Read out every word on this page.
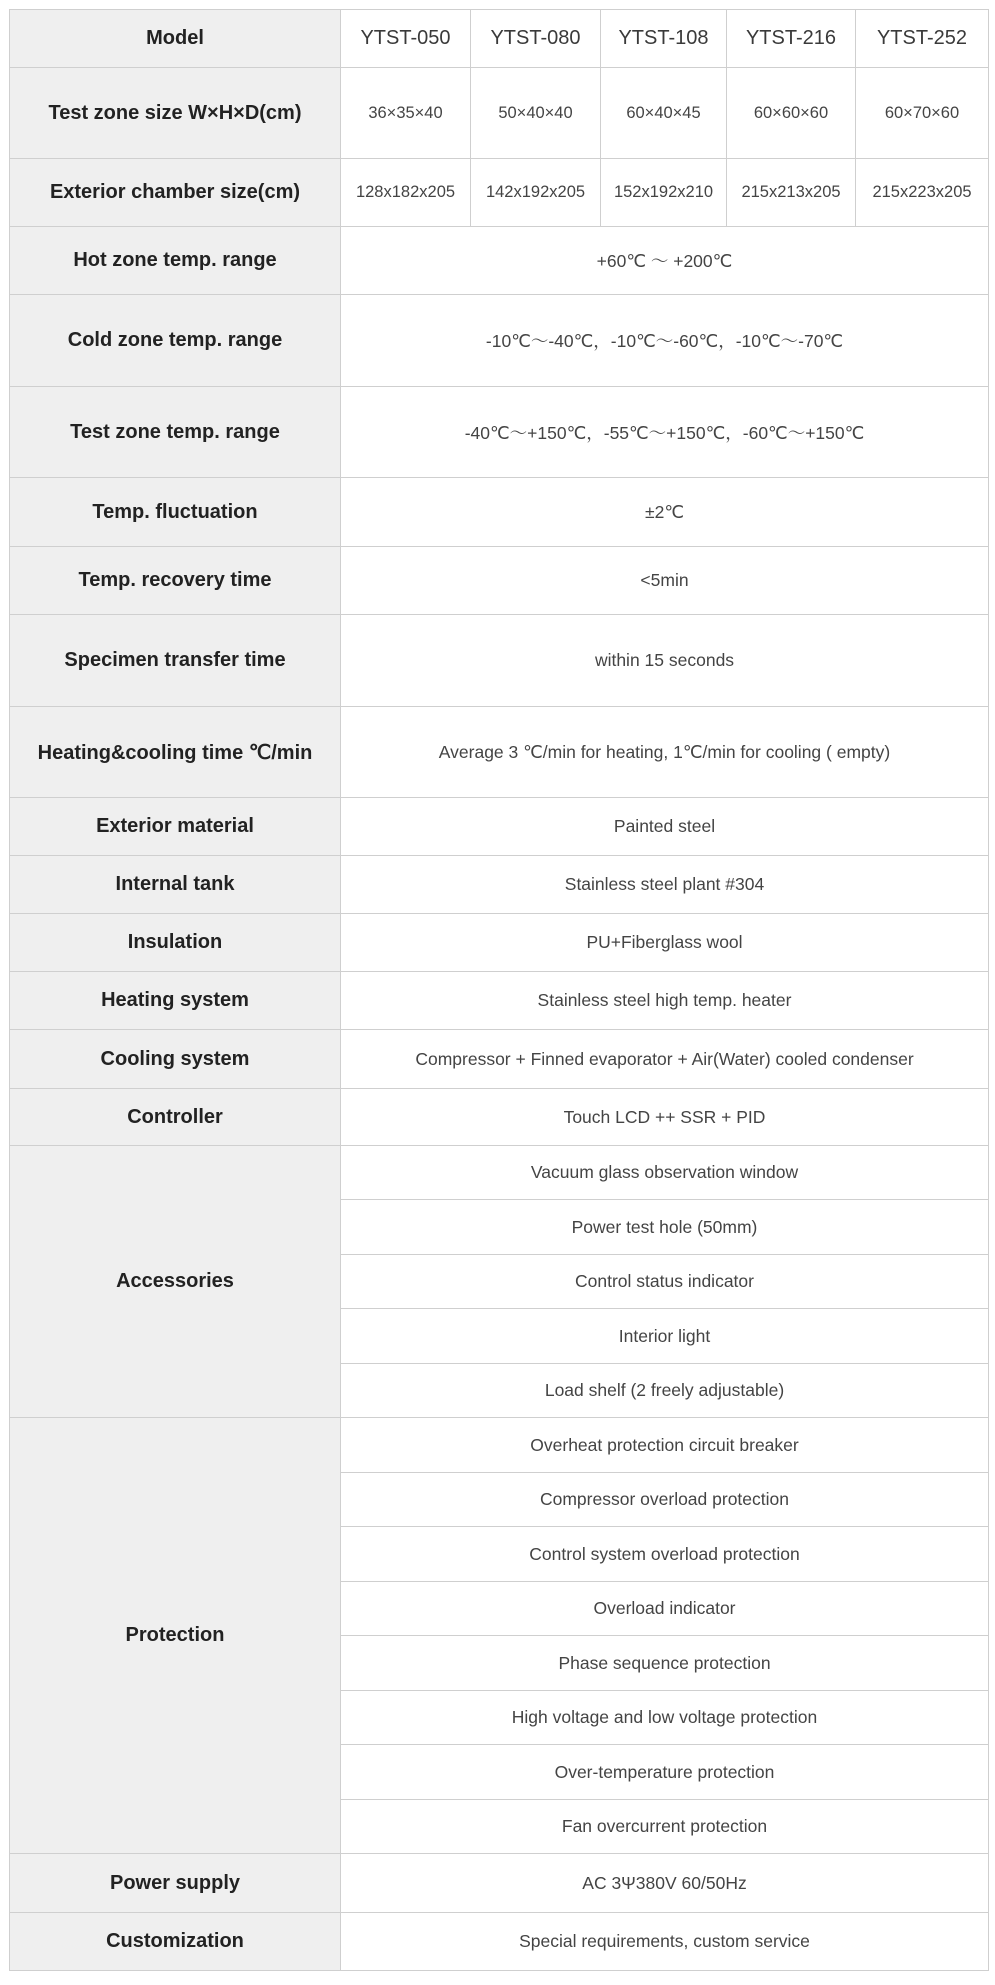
Model	YTST-050	YTST-080	YTST-108	YTST-216	YTST-252
Test zone size W×H×D(cm)	36×35×40	50×40×40	60×40×45	60×60×60	60×70×60
Exterior chamber size(cm)	128x182x205	142x192x205	152x192x210	215x213x205	215x223x205
Hot zone temp. range	+60℃ ～ +200℃				
Cold zone temp. range	-10℃～-40℃，-10℃～-60℃，-10℃～-70℃				
Test zone temp. range	-40℃～+150℃，-55℃～+150℃，-60℃～+150℃				
Temp. fluctuation	±2℃				
Temp. recovery time	<5min				
Specimen transfer time	within 15 seconds				
Heating&cooling time ℃/min	Average 3 ℃/min for heating, 1℃/min for cooling ( empty)				
Exterior material	Painted steel				
Internal tank	Stainless steel plant #304				
Insulation	PU+Fiberglass wool				
Heating system	Stainless steel high temp. heater				
Cooling system	Compressor + Finned evaporator + Air(Water) cooled condenser				
Controller	Touch LCD ++ SSR + PID				
Accessories	Vacuum glass observation window				
	Power test hole (50mm)				
	Control status indicator				
	Interior light				
	Load shelf (2 freely adjustable)				
Protection	Overheat protection circuit breaker				
	Compressor overload protection				
	Control system overload protection				
	Overload indicator				
	Phase sequence protection				
	High voltage and low voltage protection				
	Over-temperature protection				
	Fan overcurrent protection				
Power supply	AC 3Ψ380V 60/50Hz				
Customization	Special requirements, custom service				
